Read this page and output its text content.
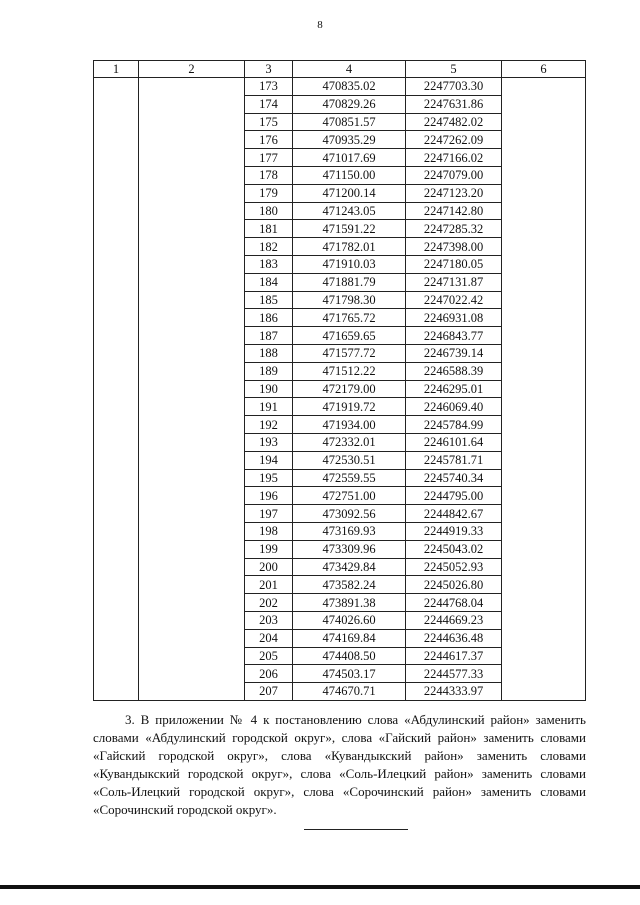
8
1	2	3	4	5	6
		173	470835.02	2247703.30	
		174	470829.26	2247631.86	
		175	470851.57	2247482.02	
		176	470935.29	2247262.09	
		177	471017.69	2247166.02	
		178	471150.00	2247079.00	
		179	471200.14	2247123.20	
		180	471243.05	2247142.80	
		181	471591.22	2247285.32	
		182	471782.01	2247398.00	
		183	471910.03	2247180.05	
		184	471881.79	2247131.87	
		185	471798.30	2247022.42	
		186	471765.72	2246931.08	
		187	471659.65	2246843.77	
		188	471577.72	2246739.14	
		189	471512.22	2246588.39	
		190	472179.00	2246295.01	
		191	471919.72	2246069.40	
		192	471934.00	2245784.99	
		193	472332.01	2246101.64	
		194	472530.51	2245781.71	
		195	472559.55	2245740.34	
		196	472751.00	2244795.00	
		197	473092.56	2244842.67	
		198	473169.93	2244919.33	
		199	473309.96	2245043.02	
		200	473429.84	2245052.93	
		201	473582.24	2245026.80	
		202	473891.38	2244768.04	
		203	474026.60	2244669.23	
		204	474169.84	2244636.48	
		205	474408.50	2244617.37	
		206	474503.17	2244577.33	
		207	474670.71	2244333.97	

3. В приложении № 4 к постановлению слова «Абдулинский район» заменить словами «Абдулинский городской округ», слова «Гайский район» заменить словами «Гайский городской округ», слова «Кувандыкский район» заменить словами «Кувандыкский городской округ», слова «Соль-Илецкий район» заменить словами «Соль-Илецкий городской округ», слова «Сорочинский район» заменить словами «Сорочинский городской округ».
